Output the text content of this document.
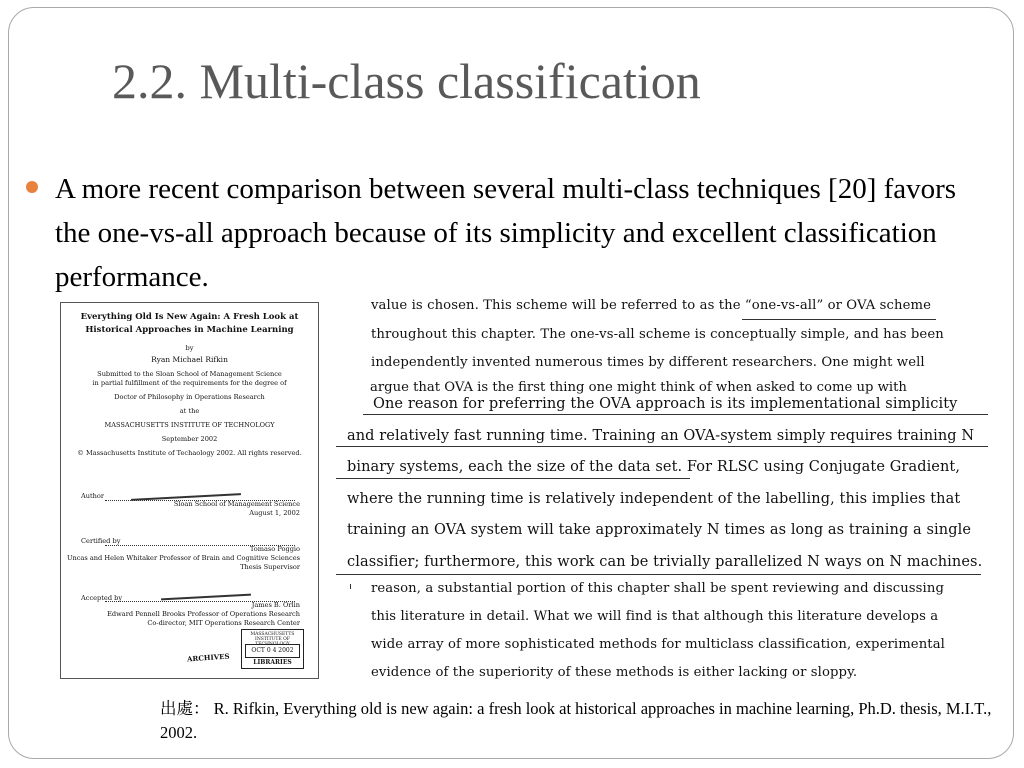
2.2. Multi-class classification
A more recent comparison between several multi-class techniques [20] favors the one-vs-all approach because of its simplicity and excellent classification performance.
Everything Old Is New Again: A Fresh Look at Historical Approaches in Machine Learning
by
Ryan Michael Rifkin
Submitted to the Sloan School of Management Science
in partial fulfillment of the requirements for the degree of
Doctor of Philosophy in Operations Research
at the
MASSACHUSETTS INSTITUTE OF TECHNOLOGY
September 2002
© Massachusetts Institute of Techaology 2002. All rights reserved.
Author
Sloan School of Management Science
August 1, 2002
Certified by
Tomaso Poggio
Uncas and Helen Whitaker Professor of Brain and Cognitive Sciences
Thesis Supervisor
Accepted by
James B. Orlin
Edward Pennell Brooks Professor of Operations Research
Co-director, MIT Operations Research Center
MASSACHUSETTS INSTITUTE OF TECHNOLOGY
OCT 0 4 2002
LIBRARIES
ARCHIVES
value is chosen. This scheme will be referred to as the “one-vs-all” or OVA scheme
throughout this chapter. The one-vs-all scheme is conceptually simple, and has been
independently invented numerous times by different researchers. One might well
argue that OVA is the first thing one might think of when asked to come up with
One reason for preferring the OVA approach is its implementational simplicity
and relatively fast running time. Training an OVA-system simply requires training N
binary systems, each the size of the data set. For RLSC using Conjugate Gradient,
where the running time is relatively independent of the labelling, this implies that
training an OVA system will take approximately N times as long as training a single
classifier; furthermore, this work can be trivially parallelized N ways on N machines.
reason, a substantial portion of this chapter shall be spent reviewing and discussing
this literature in detail. What we will find is that although this literature develops a
wide array of more sophisticated methods for multiclass classification, experimental
evidence of the superiority of these methods is either lacking or sloppy.
出處： R. Rifkin, Everything old is new again: a fresh look at historical approaches in machine learning, Ph.D. thesis, M.I.T., 2002.
